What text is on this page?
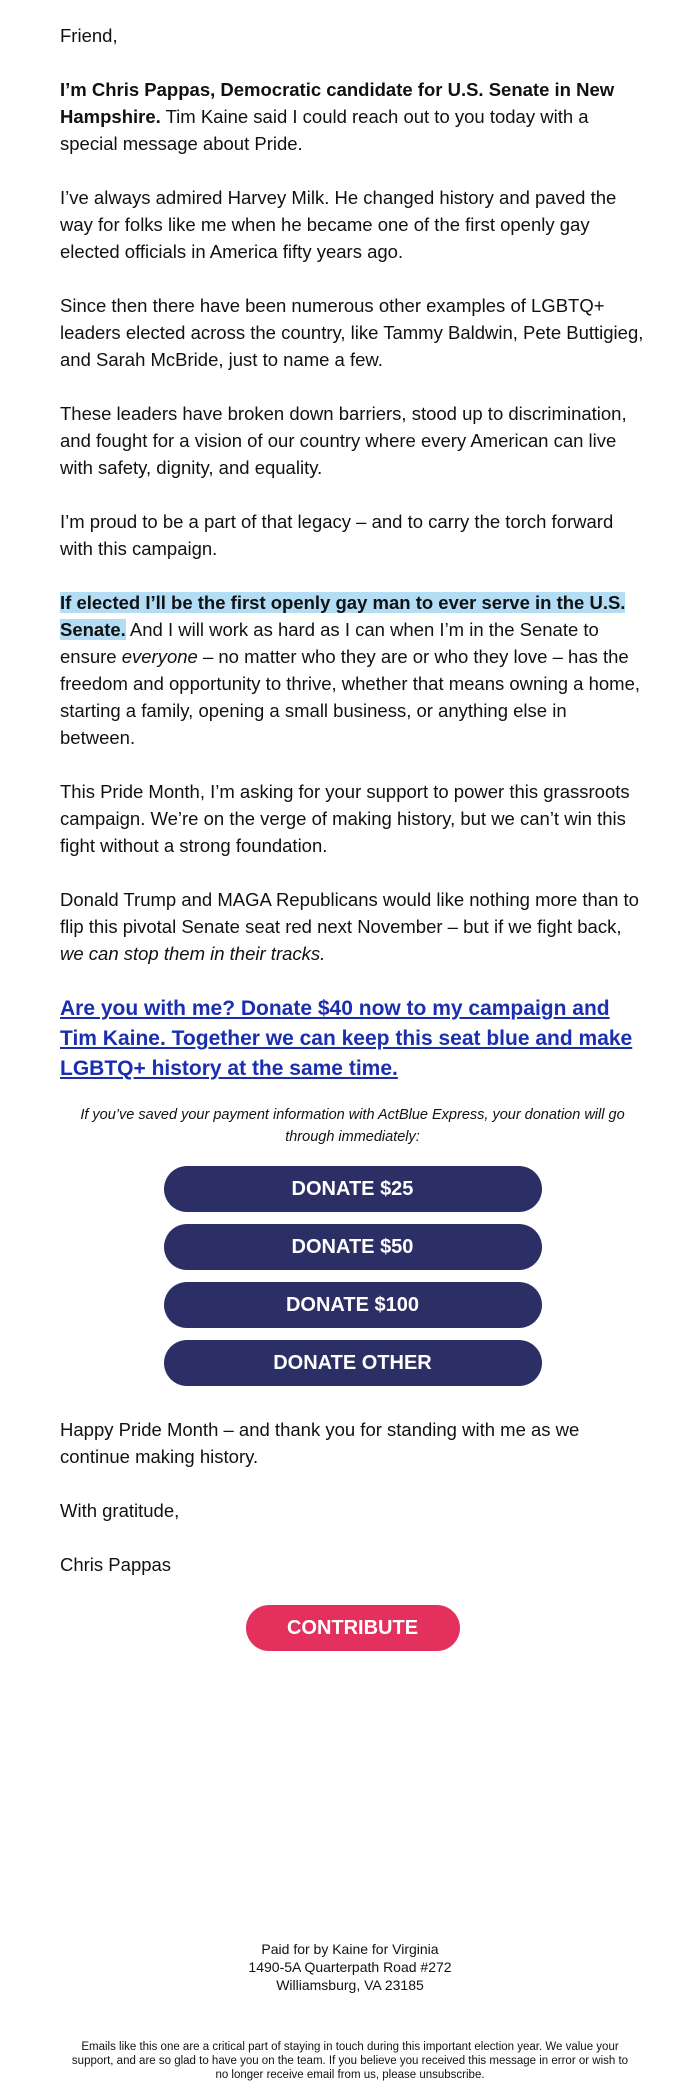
Friend,

I’m Chris Pappas, Democratic candidate for U.S. Senate in New Hampshire. Tim Kaine said I could reach out to you today with a special message about Pride.

I’ve always admired Harvey Milk. He changed history and paved the way for folks like me when he became one of the first openly gay elected officials in America fifty years ago.

Since then there have been numerous other examples of LGBTQ+ leaders elected across the country, like Tammy Baldwin, Pete Buttigieg, and Sarah McBride, just to name a few.

These leaders have broken down barriers, stood up to discrimination, and fought for a vision of our country where every American can live with safety, dignity, and equality.

I’m proud to be a part of that legacy – and to carry the torch forward with this campaign.

If elected I’ll be the first openly gay man to ever serve in the U.S. Senate. And I will work as hard as I can when I’m in the Senate to ensure everyone – no matter who they are or who they love – has the freedom and opportunity to thrive, whether that means owning a home, starting a family, opening a small business, or anything else in between.

This Pride Month, I’m asking for your support to power this grassroots campaign. We’re on the verge of making history, but we can’t win this fight without a strong foundation.

Donald Trump and MAGA Republicans would like nothing more than to flip this pivotal Senate seat red next November – but if we fight back, we can stop them in their tracks.

Are you with me? Donate $40 now to my campaign and Tim Kaine. Together we can keep this seat blue and make LGBTQ+ history at the same time.

If you’ve saved your payment information with ActBlue Express, your donation will go through immediately:

DONATE $25
DONATE $50
DONATE $100
DONATE OTHER

Happy Pride Month – and thank you for standing with me as we continue making history.

With gratitude,

Chris Pappas

CONTRIBUTE
Paid for by Kaine for Virginia
1490-5A Quarterpath Road #272
Williamsburg, VA 23185
Emails like this one are a critical part of staying in touch during this important election year. We value your support, and are so glad to have you on the team. If you believe you received this message in error or wish to no longer receive email from us, please unsubscribe.
